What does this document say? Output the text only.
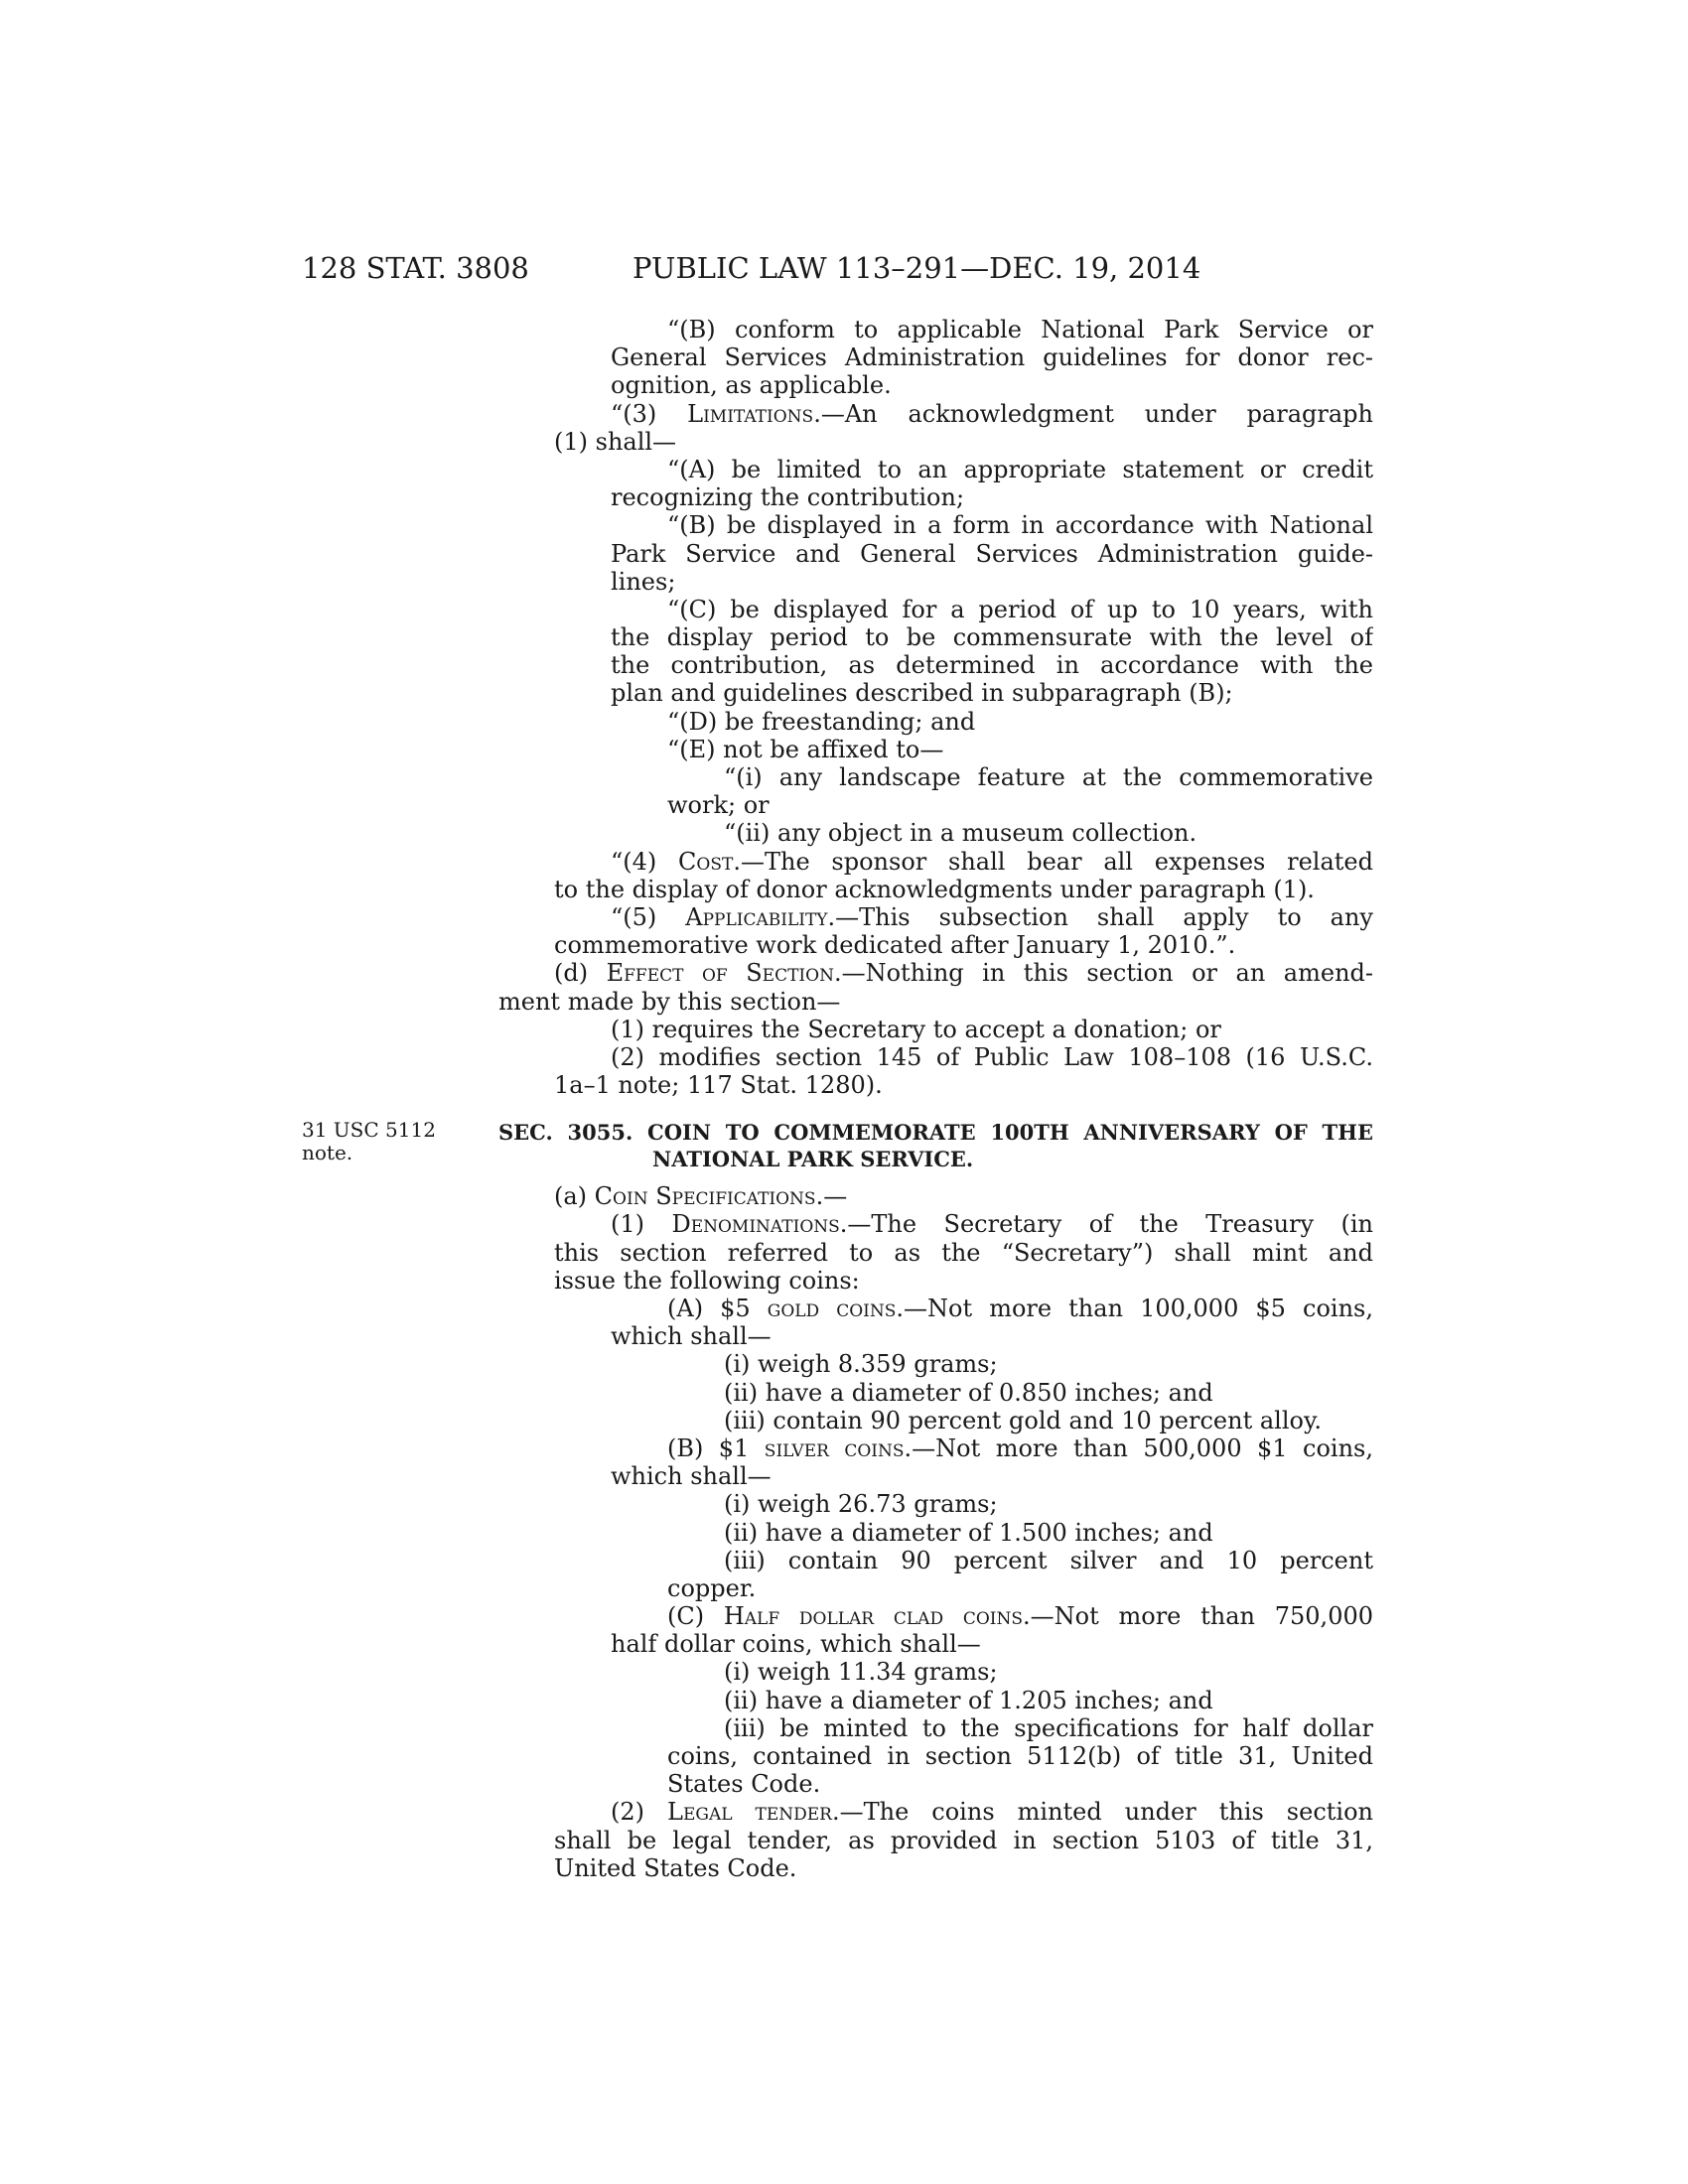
128 STAT. 3808	PUBLIC LAW 113–291—DEC. 19, 2014
“(B) conform to applicable National Park Service or
General Services Administration guidelines for donor rec-
ognition, as applicable.
“(3) Limitations.—An acknowledgment under paragraph
(1) shall—
“(A) be limited to an appropriate statement or credit
recognizing the contribution;
“(B) be displayed in a form in accordance with National
Park Service and General Services Administration guide-
lines;
“(C) be displayed for a period of up to 10 years, with
the display period to be commensurate with the level of
the contribution, as determined in accordance with the
plan and guidelines described in subparagraph (B);
“(D) be freestanding; and
“(E) not be affixed to—
“(i) any landscape feature at the commemorative
work; or
“(ii) any object in a museum collection.
“(4) Cost.—The sponsor shall bear all expenses related
to the display of donor acknowledgments under paragraph (1).
“(5) Applicability.—This subsection shall apply to any
commemorative work dedicated after January 1, 2010.”.
(d) Effect of Section.—Nothing in this section or an amend-
ment made by this section—
(1) requires the Secretary to accept a donation; or
(2) modifies section 145 of Public Law 108–108 (16 U.S.C.
1a–1 note; 117 Stat. 1280).
31 USC 5112
note.
SEC. 3055. COIN TO COMMEMORATE 100TH ANNIVERSARY OF THE
NATIONAL PARK SERVICE.
(a) Coin Specifications.—
(1) Denominations.—The Secretary of the Treasury (in
this section referred to as the “Secretary”) shall mint and
issue the following coins:
(A) $5 gold coins.—Not more than 100,000 $5 coins,
which shall—
(i) weigh 8.359 grams;
(ii) have a diameter of 0.850 inches; and
(iii) contain 90 percent gold and 10 percent alloy.
(B) $1 silver coins.—Not more than 500,000 $1 coins,
which shall—
(i) weigh 26.73 grams;
(ii) have a diameter of 1.500 inches; and
(iii) contain 90 percent silver and 10 percent
copper.
(C) Half dollar clad coins.—Not more than 750,000
half dollar coins, which shall—
(i) weigh 11.34 grams;
(ii) have a diameter of 1.205 inches; and
(iii) be minted to the specifications for half dollar
coins, contained in section 5112(b) of title 31, United
States Code.
(2) Legal tender.—The coins minted under this section
shall be legal tender, as provided in section 5103 of title 31,
United States Code.
